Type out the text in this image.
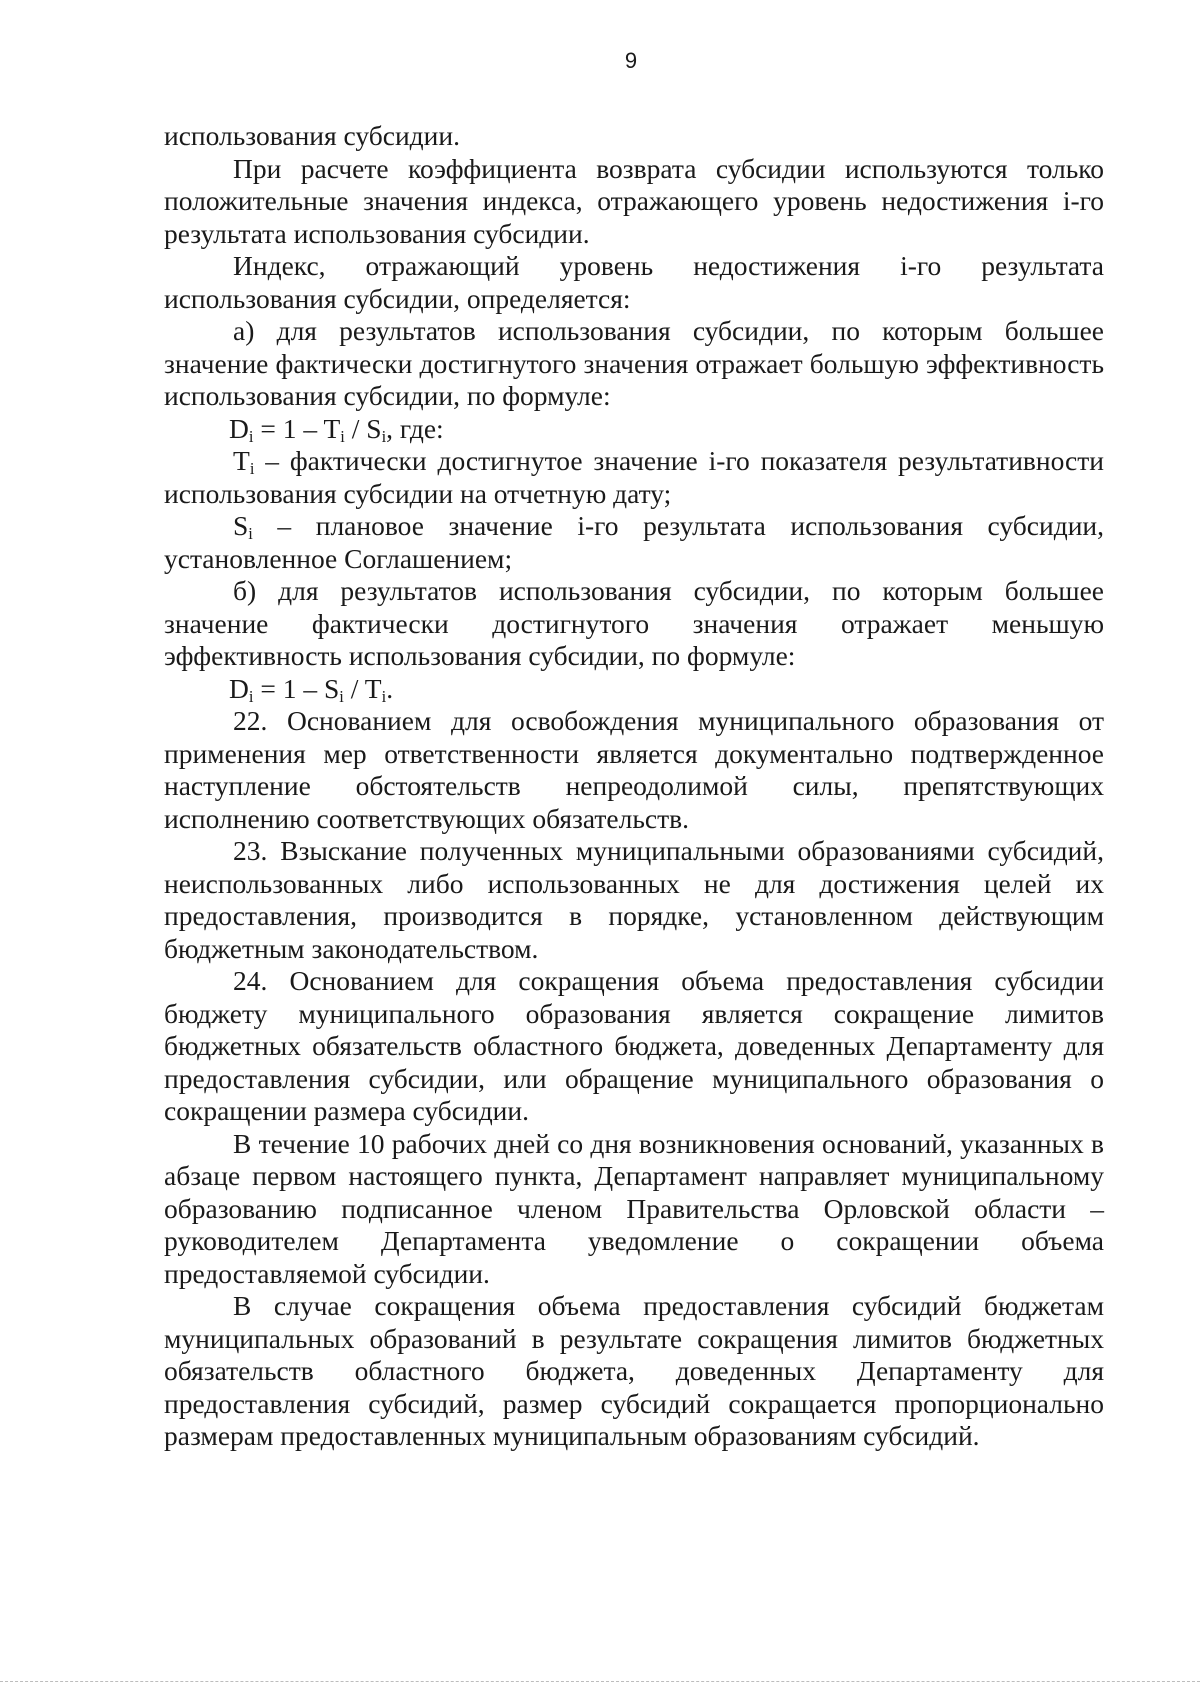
9

использования субсидии.

При расчете коэффициента возврата субсидии используются только положительные значения индекса, отражающего уровень недостижения i-го результата использования субсидии.

Индекс, отражающий уровень недостижения i-го результата использования субсидии, определяется:

а) для результатов использования субсидии, по которым большее значение фактически достигнутого значения отражает большую эффективность использования субсидии, по формуле:

$D_i = 1 - T_i / S_i$, где:

$T_i$ – фактически достигнутое значение i-го показателя результативности использования субсидии на отчетную дату;

$S_i$ – плановое значение i-го результата использования субсидии, установленное Соглашением;

б) для результатов использования субсидии, по которым большее значение фактически достигнутого значения отражает меньшую эффективность использования субсидии, по формуле:

$D_i = 1 - S_i / T_i$.

22. Основанием для освобождения муниципального образования от применения мер ответственности является документально подтвержденное наступление обстоятельств непреодолимой силы, препятствующих исполнению соответствующих обязательств.

23. Взыскание полученных муниципальными образованиями субсидий, неиспользованных либо использованных не для достижения целей их предоставления, производится в порядке, установленном действующим бюджетным законодательством.

24. Основанием для сокращения объема предоставления субсидии бюджету муниципального образования является сокращение лимитов бюджетных обязательств областного бюджета, доведенных Департаменту для предоставления субсидии, или обращение муниципального образования о сокращении размера субсидии.

В течение 10 рабочих дней со дня возникновения оснований, указанных в абзаце первом настоящего пункта, Департамент направляет муниципальному образованию подписанное членом Правительства Орловской области – руководителем Департамента уведомление о сокращении объема предоставляемой субсидии.

В случае сокращения объема предоставления субсидий бюджетам муниципальных образований в результате сокращения лимитов бюджетных обязательств областного бюджета, доведенных Департаменту для предоставления субсидий, размер субсидий сокращается пропорционально размерам предоставленных муниципальным образованиям субсидий.
